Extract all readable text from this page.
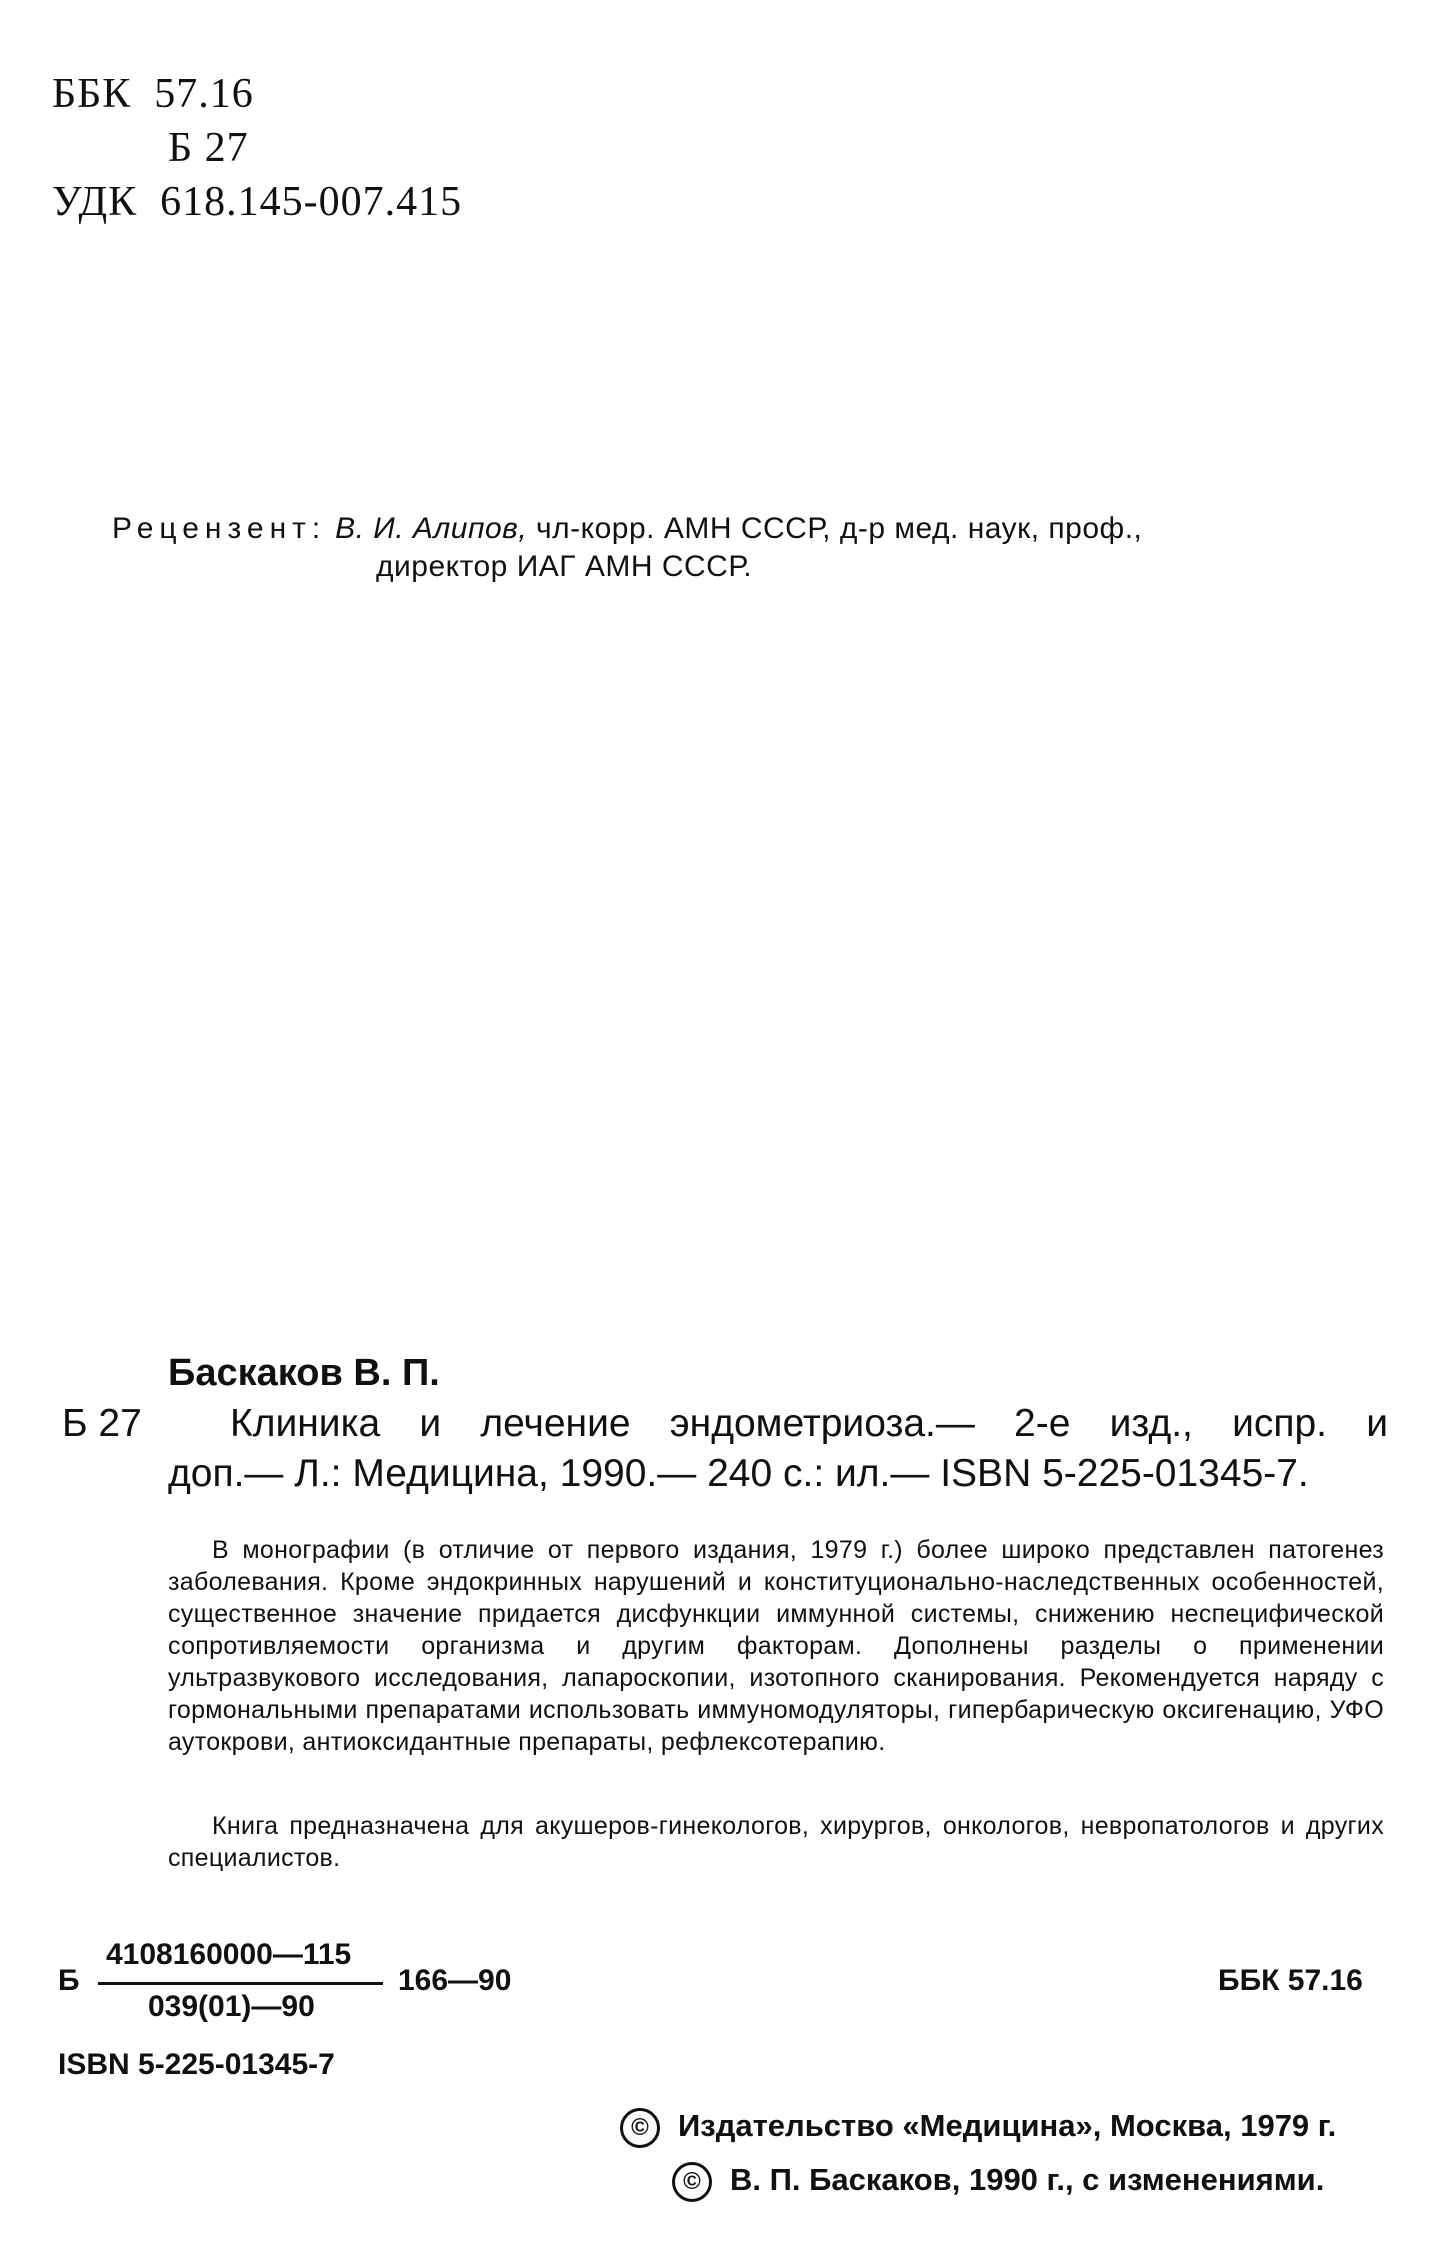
ББК 57.16
Б 27
УДК 618.145-007.415
Рецензент: В. И. Алипов, чл-корр. АМН СССР, д-р мед. наук, проф.,
директор ИАГ АМН СССР.
Баскаков В. П.
Б 27 Клиника и лечение эндометриоза.— 2-е изд., испр. и
доп.— Л.: Медицина, 1990.— 240 с.: ил.— ISBN 5-225-01345-7.

В монографии (в отличие от первого издания, 1979 г.) более широко представлен патогенез заболевания. Кроме эндокринных нарушений и конституционально-наследственных особенностей, существенное значение придается дисфункции иммунной системы, снижению неспецифической сопротивляемости организма и другим факторам. Дополнены разделы о применении ультразвукового исследования, лапароскопии, изотопного сканирования. Рекомендуется наряду с гормональными препаратами использовать иммуномодуляторы, гипербарическую оксигенацию, УФО аутокрови, антиоксидантные препараты, рефлексотерапию.

Книга предназначена для акушеров-гинекологов, хирургов, онкологов, невропатологов и других специалистов.

Б
4108160000—115
039(01)—90
166—90	ББК 57.16
ISBN 5-225-01345-7
© Издательство «Медицина», Москва, 1979 г.
© В. П. Баскаков, 1990 г., с изменениями.
